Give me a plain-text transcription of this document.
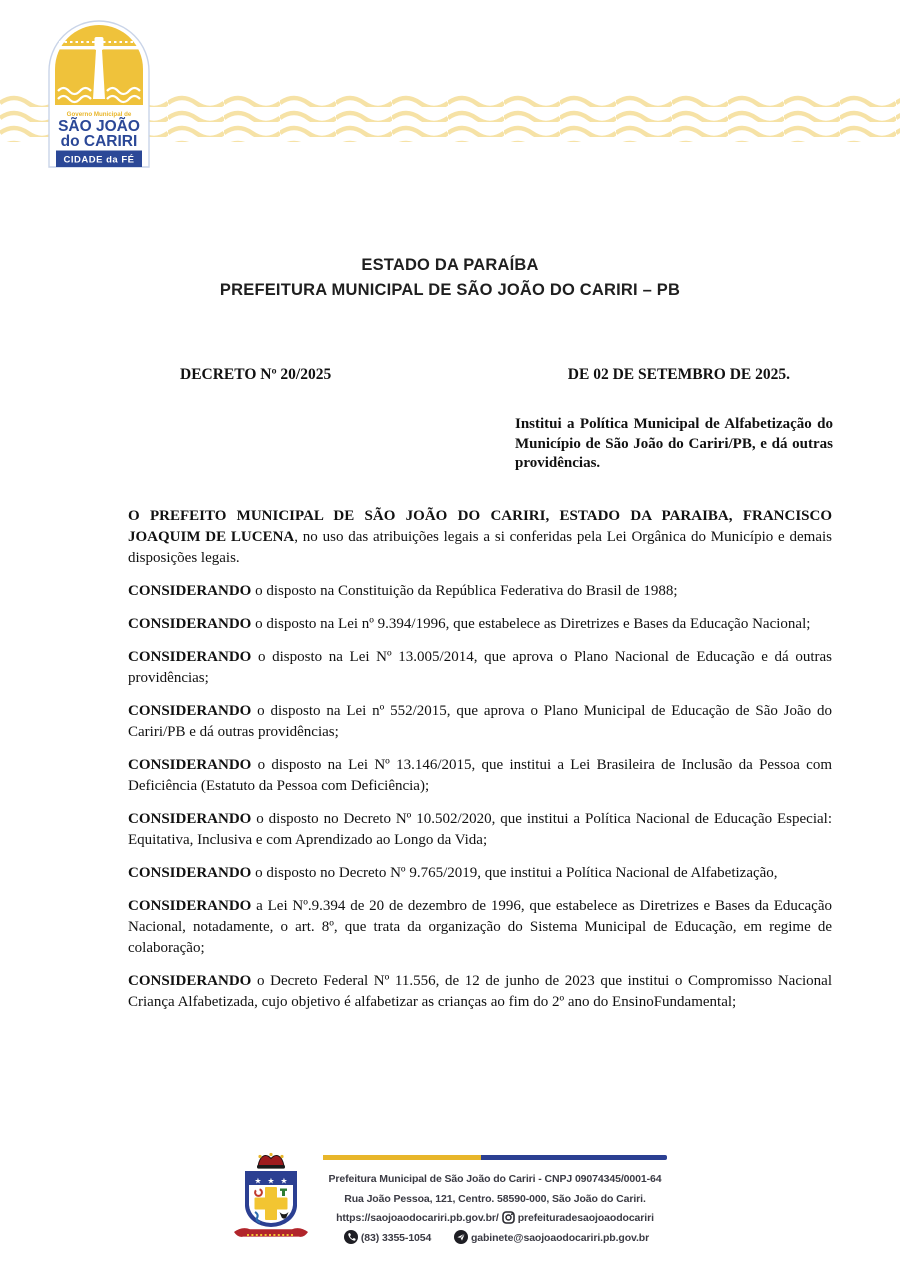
Governo Municipal de
SÃO JOÃO
do CARIRI
CIDADE da FÉ
ESTADO DA PARAÍBA
PREFEITURA MUNICIPAL DE SÃO JOÃO DO CARIRI – PB
DECRETO Nº 20/2025	DE 02 DE SETEMBRO DE 2025.

Institui a Política Municipal de Alfabetização do Município de São João do Cariri/PB, e dá outras providências.

O PREFEITO MUNICIPAL DE SÃO JOÃO DO CARIRI, ESTADO DA PARAIBA, FRANCISCO JOAQUIM DE LUCENA, no uso das atribuições legais a si conferidas pela Lei Orgânica do Município e demais disposições legais.

CONSIDERANDO o disposto na Constituição da República Federativa do Brasil de 1988;

CONSIDERANDO o disposto na Lei nº 9.394/1996, que estabelece as Diretrizes e Bases da Educação Nacional;

CONSIDERANDO o disposto na Lei Nº 13.005/2014, que aprova o Plano Nacional de Educação e dá outras providências;

CONSIDERANDO o disposto na Lei nº 552/2015, que aprova o Plano Municipal de Educação de São João do Cariri/PB e dá outras providências;

CONSIDERANDO o disposto na Lei Nº 13.146/2015, que institui a Lei Brasileira de Inclusão da Pessoa com Deficiência (Estatuto da Pessoa com Deficiência);

CONSIDERANDO o disposto no Decreto Nº 10.502/2020, que institui a Política Nacional de Educação Especial: Equitativa, Inclusiva e com Aprendizado ao Longo da Vida;

CONSIDERANDO o disposto no Decreto Nº 9.765/2019, que institui a Política Nacional de Alfabetização,

CONSIDERANDO a Lei Nº.9.394 de 20 de dezembro de 1996, que estabelece as Diretrizes e Bases da Educação Nacional, notadamente, o art. 8º, que trata da organização do Sistema Municipal de Educação, em regime de colaboração;

CONSIDERANDO o Decreto Federal Nº 11.556, de 12 de junho de 2023 que institui o Compromisso Nacional Criança Alfabetizada, cujo objetivo é alfabetizar as crianças ao fim do 2º ano do EnsinoFundamental;

★ ★ ★	Prefeitura Municipal de São João do Cariri - CNPJ 09074345/0001-64
Rua João Pessoa, 121, Centro. 58590-000, São João do Cariri.
https://saojoaodocariri.pb.gov.br/ prefeituradesaojoaodocariri
(83) 3355-1054	gabinete@saojoaodocariri.pb.gov.br
